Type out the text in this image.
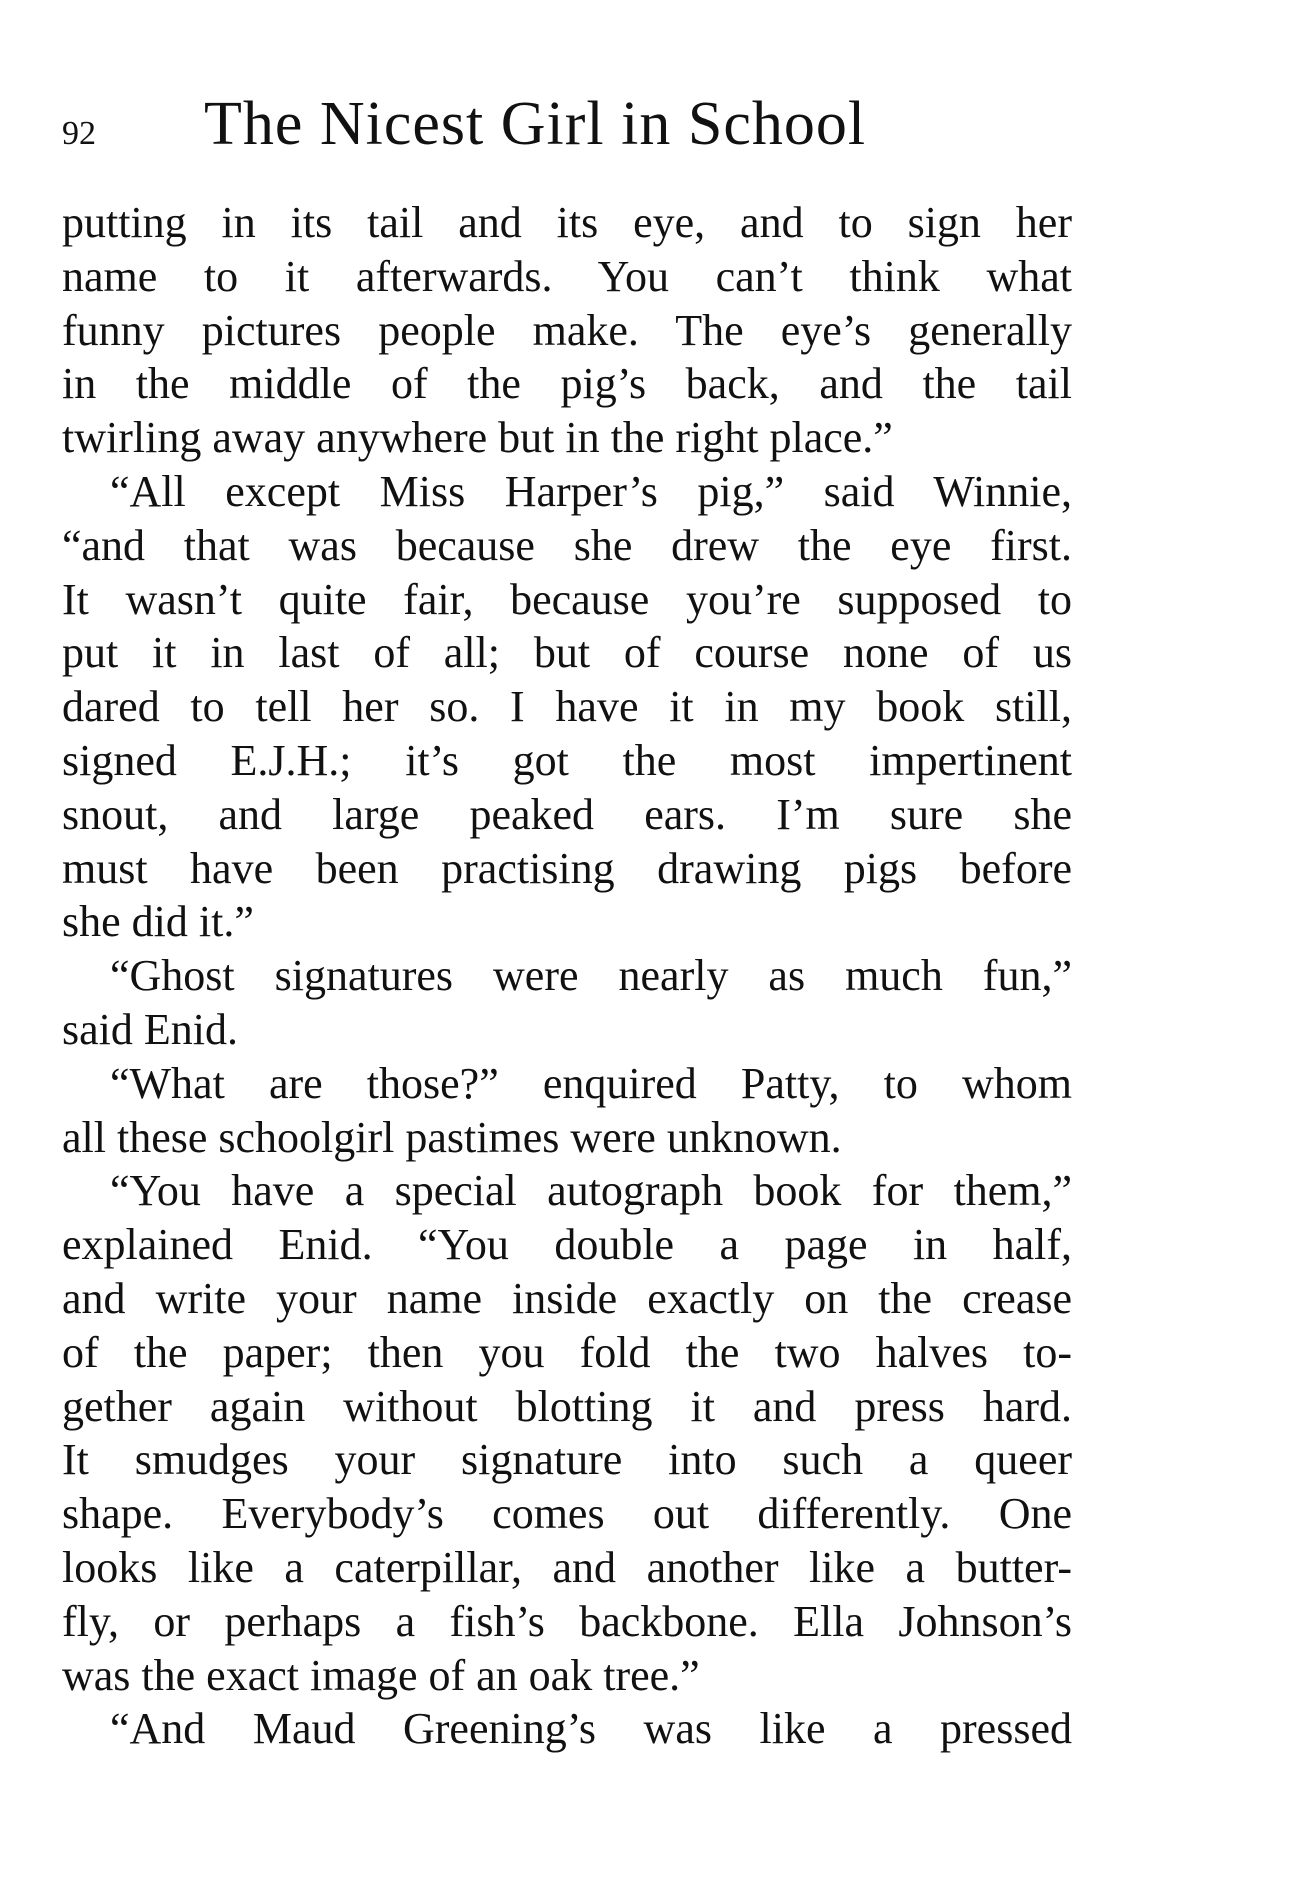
92 The Nicest Girl in School
putting in its tail and its eye, and to sign her
name to it afterwards. You can’t think what
funny pictures people make. The eye’s generally
in the middle of the pig’s back, and the tail
twirling away anywhere but in the right place.”
“All except Miss Harper’s pig,” said Winnie,
“and that was because she drew the eye first.
It wasn’t quite fair, because you’re supposed to
put it in last of all; but of course none of us
dared to tell her so. I have it in my book still,
signed E.J.H.; it’s got the most impertinent
snout, and large peaked ears. I’m sure she
must have been practising drawing pigs before
she did it.”
“Ghost signatures were nearly as much fun,”
said Enid.
“What are those?” enquired Patty, to whom
all these schoolgirl pastimes were unknown.
“You have a special autograph book for them,”
explained Enid. “You double a page in half,
and write your name inside exactly on the crease
of the paper; then you fold the two halves to-
gether again without blotting it and press hard.
It smudges your signature into such a queer
shape. Everybody’s comes out differently. One
looks like a caterpillar, and another like a butter-
fly, or perhaps a fish’s backbone. Ella Johnson’s
was the exact image of an oak tree.”
“And Maud Greening’s was like a pressed
